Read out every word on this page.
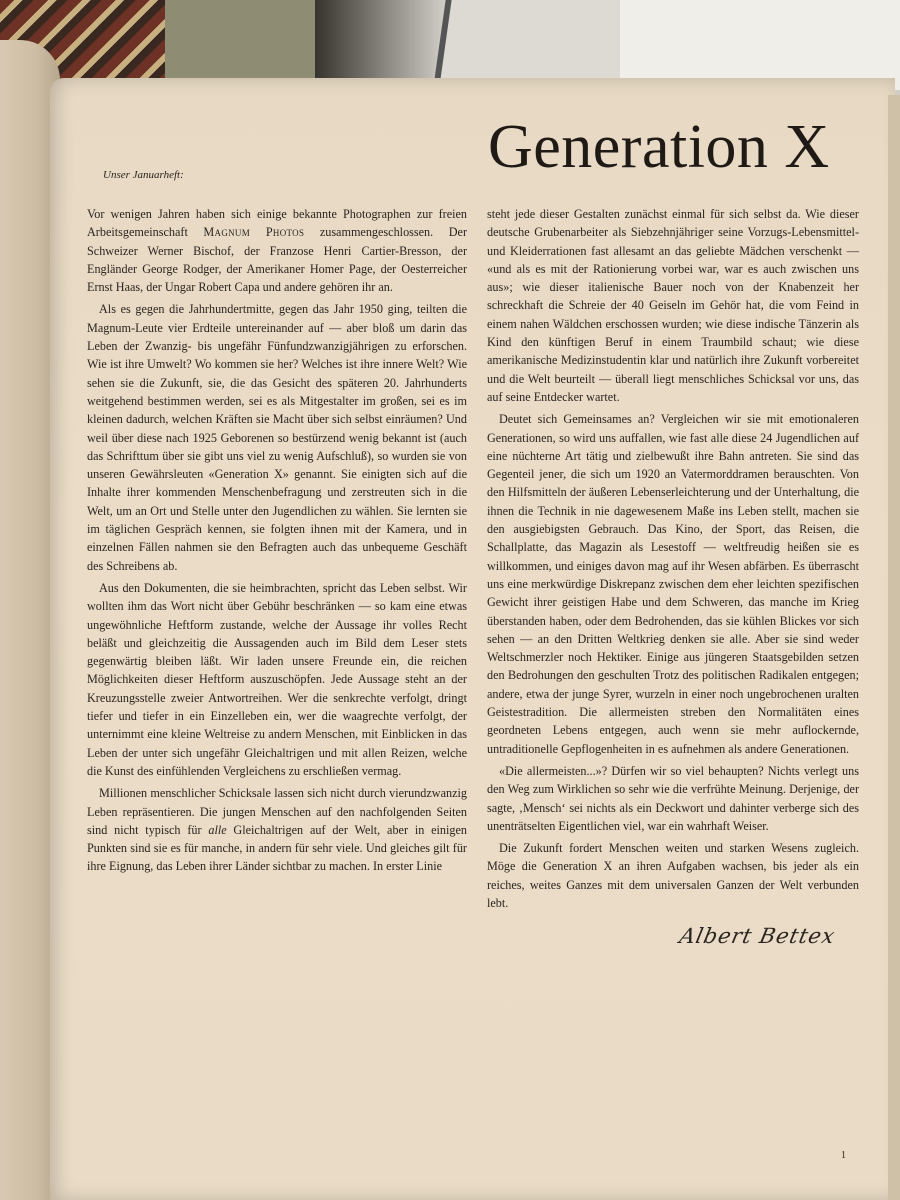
Generation X
Unser Januarheft:

Vor wenigen Jahren haben sich einige bekannte Photographen zur freien Arbeitsgemeinschaft Magnum Photos zusammengeschlossen. Der Schweizer Werner Bischof, der Franzose Henri Cartier-Bresson, der Engländer George Rodger, der Amerikaner Homer Page, der Oesterreicher Ernst Haas, der Ungar Robert Capa und andere gehören ihr an.

Als es gegen die Jahrhundertmitte, gegen das Jahr 1950 ging, teilten die Magnum-Leute vier Erdteile untereinander auf — aber bloß um darin das Leben der Zwanzig- bis ungefähr Fünfundzwanzigjährigen zu erforschen. Wie ist ihre Umwelt? Wo kommen sie her? Welches ist ihre innere Welt? Wie sehen sie die Zukunft, sie, die das Gesicht des späteren 20. Jahrhunderts weitgehend bestimmen werden, sei es als Mitgestalter im großen, sei es im kleinen dadurch, welchen Kräften sie Macht über sich selbst einräumen? Und weil über diese nach 1925 Geborenen so bestürzend wenig bekannt ist (auch das Schrifttum über sie gibt uns viel zu wenig Aufschluß), so wurden sie von unseren Gewährsleuten «Generation X» genannt. Sie einigten sich auf die Inhalte ihrer kommenden Menschenbefragung und zerstreuten sich in die Welt, um an Ort und Stelle unter den Jugendlichen zu wählen. Sie lernten sie im täglichen Gespräch kennen, sie folgten ihnen mit der Kamera, und in einzelnen Fällen nahmen sie den Befragten auch das unbequeme Geschäft des Schreibens ab.

Aus den Dokumenten, die sie heimbrachten, spricht das Leben selbst. Wir wollten ihm das Wort nicht über Gebühr beschränken — so kam eine etwas ungewöhnliche Heftform zustande, welche der Aussage ihr volles Recht beläßt und gleichzeitig die Aussagenden auch im Bild dem Leser stets gegenwärtig bleiben läßt. Wir laden unsere Freunde ein, die reichen Möglichkeiten dieser Heftform auszuschöpfen. Jede Aussage steht an der Kreuzungsstelle zweier Antwortreihen. Wer die senkrechte verfolgt, dringt tiefer und tiefer in ein Einzelleben ein, wer die waagrechte verfolgt, der unternimmt eine kleine Weltreise zu andern Menschen, mit Einblicken in das Leben der unter sich ungefähr Gleichaltrigen und mit allen Reizen, welche die Kunst des einfühlenden Vergleichens zu erschließen vermag.

Millionen menschlicher Schicksale lassen sich nicht durch vierundzwanzig Leben repräsentieren. Die jungen Menschen auf den nachfolgenden Seiten sind nicht typisch für alle Gleichaltrigen auf der Welt, aber in einigen Punkten sind sie es für manche, in andern für sehr viele. Und gleiches gilt für ihre Eignung, das Leben ihrer Länder sichtbar zu machen. In erster Linie

steht jede dieser Gestalten zunächst einmal für sich selbst da. Wie dieser deutsche Grubenarbeiter als Siebzehnjähriger seine Vorzugs-Lebensmittel- und Kleiderrationen fast allesamt an das geliebte Mädchen verschenkt — «und als es mit der Rationierung vorbei war, war es auch zwischen uns aus»; wie dieser italienische Bauer noch von der Knabenzeit her schreckhaft die Schreie der 40 Geiseln im Gehör hat, die vom Feind in einem nahen Wäldchen erschossen wurden; wie diese indische Tänzerin als Kind den künftigen Beruf in einem Traumbild schaut; wie diese amerikanische Medizinstudentin klar und natürlich ihre Zukunft vorbereitet und die Welt beurteilt — überall liegt menschliches Schicksal vor uns, das auf seine Entdecker wartet.

Deutet sich Gemeinsames an? Vergleichen wir sie mit emotionaleren Generationen, so wird uns auffallen, wie fast alle diese 24 Jugendlichen auf eine nüchterne Art tätig und zielbewußt ihre Bahn antreten. Sie sind das Gegenteil jener, die sich um 1920 an Vatermorddramen berauschten. Von den Hilfsmitteln der äußeren Lebenserleichterung und der Unterhaltung, die ihnen die Technik in nie dagewesenem Maße ins Leben stellt, machen sie den ausgiebigsten Gebrauch. Das Kino, der Sport, das Reisen, die Schallplatte, das Magazin als Lesestoff — weltfreudig heißen sie es willkommen, und einiges davon mag auf ihr Wesen abfärben. Es überrascht uns eine merkwürdige Diskrepanz zwischen dem eher leichten spezifischen Gewicht ihrer geistigen Habe und dem Schweren, das manche im Krieg überstanden haben, oder dem Bedrohenden, das sie kühlen Blickes vor sich sehen — an den Dritten Weltkrieg denken sie alle. Aber sie sind weder Weltschmerzler noch Hektiker. Einige aus jüngeren Staatsgebilden setzen den Bedrohungen den geschulten Trotz des politischen Radikalen entgegen; andere, etwa der junge Syrer, wurzeln in einer noch ungebrochenen uralten Geistestradition. Die allermeisten streben den Normalitäten eines geordneten Lebens entgegen, auch wenn sie mehr auflockernde, untraditionelle Gepflogenheiten in es aufnehmen als andere Generationen.

«Die allermeisten...»? Dürfen wir so viel behaupten? Nichts verlegt uns den Weg zum Wirklichen so sehr wie die verfrühte Meinung. Derjenige, der sagte, ‚Mensch‘ sei nichts als ein Deckwort und dahinter verberge sich des unenträtselten Eigentlichen viel, war ein wahrhaft Weiser.

Die Zukunft fordert Menschen weiten und starken Wesens zugleich. Möge die Generation X an ihren Aufgaben wachsen, bis jeder als ein reiches, weites Ganzes mit dem universalen Ganzen der Welt verbunden lebt.

Albert Bettex
1
